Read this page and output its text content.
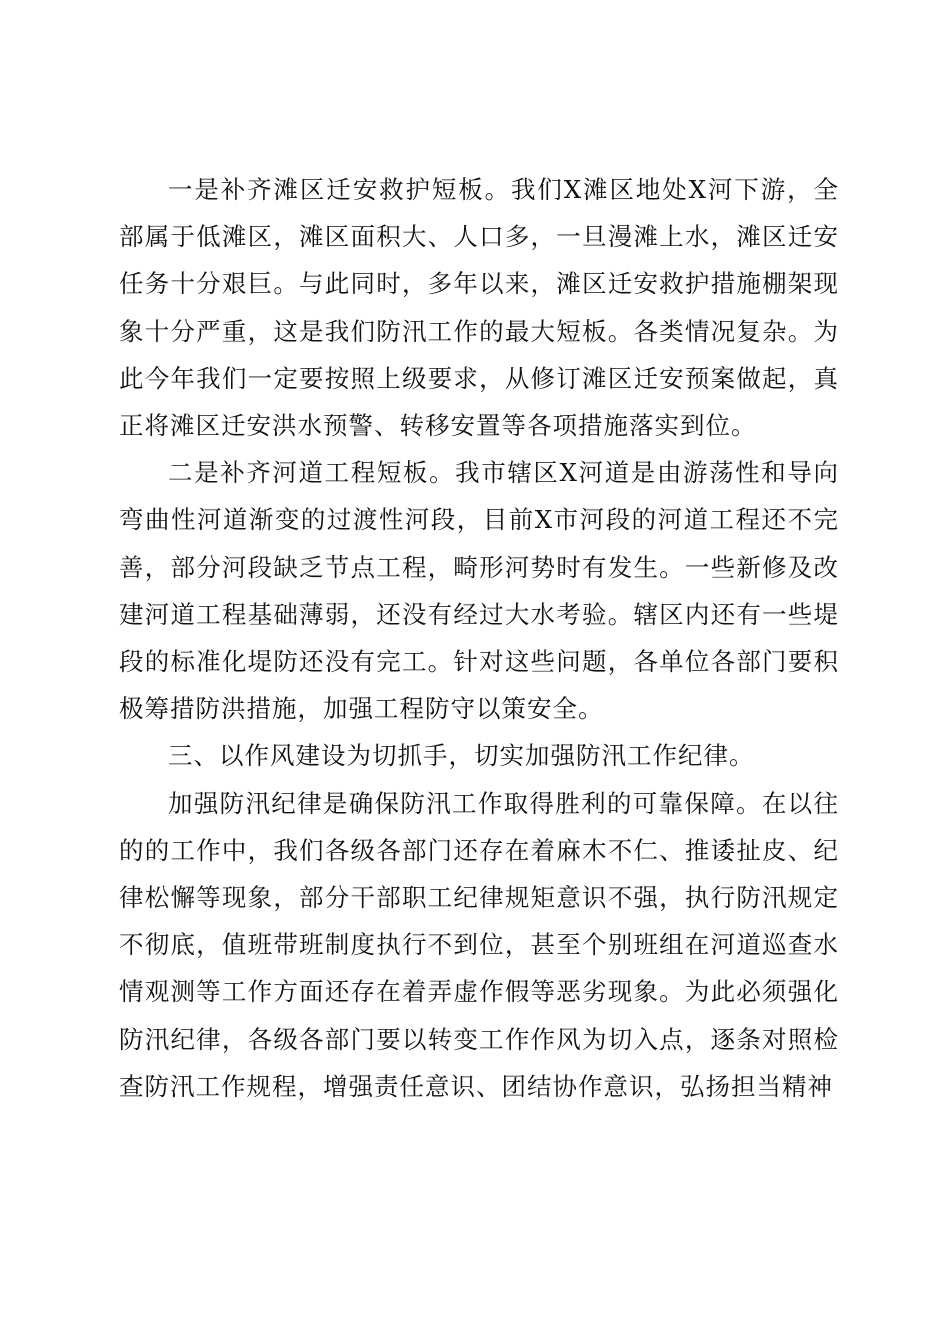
一是补齐滩区迁安救护短板。我们X滩区地处X河下游，全部属于低滩区，滩区面积大、人口多，一旦漫滩上水，滩区迁安任务十分艰巨。与此同时，多年以来，滩区迁安救护措施棚架现象十分严重，这是我们防汛工作的最大短板。各类情况复杂。为此今年我们一定要按照上级要求，从修订滩区迁安预案做起，真正将滩区迁安洪水预警、转移安置等各项措施落实到位。

二是补齐河道工程短板。我市辖区X河道是由游荡性和导向弯曲性河道渐变的过渡性河段，目前X市河段的河道工程还不完善，部分河段缺乏节点工程，畸形河势时有发生。一些新修及改建河道工程基础薄弱，还没有经过大水考验。辖区内还有一些堤段的标准化堤防还没有完工。针对这些问题，各单位各部门要积极筹措防洪措施，加强工程防守以策安全。

三、以作风建设为切抓手，切实加强防汛工作纪律。

加强防汛纪律是确保防汛工作取得胜利的可靠保障。在以往的的工作中，我们各级各部门还存在着麻木不仁、推诿扯皮、纪律松懈等现象，部分干部职工纪律规矩意识不强，执行防汛规定不彻底，值班带班制度执行不到位，甚至个别班组在河道巡查水情观测等工作方面还存在着弄虚作假等恶劣现象。为此必须强化防汛纪律，各级各部门要以转变工作作风为切入点，逐条对照检查防汛工作规程，增强责任意识、团结协作意识，弘扬担当精神
